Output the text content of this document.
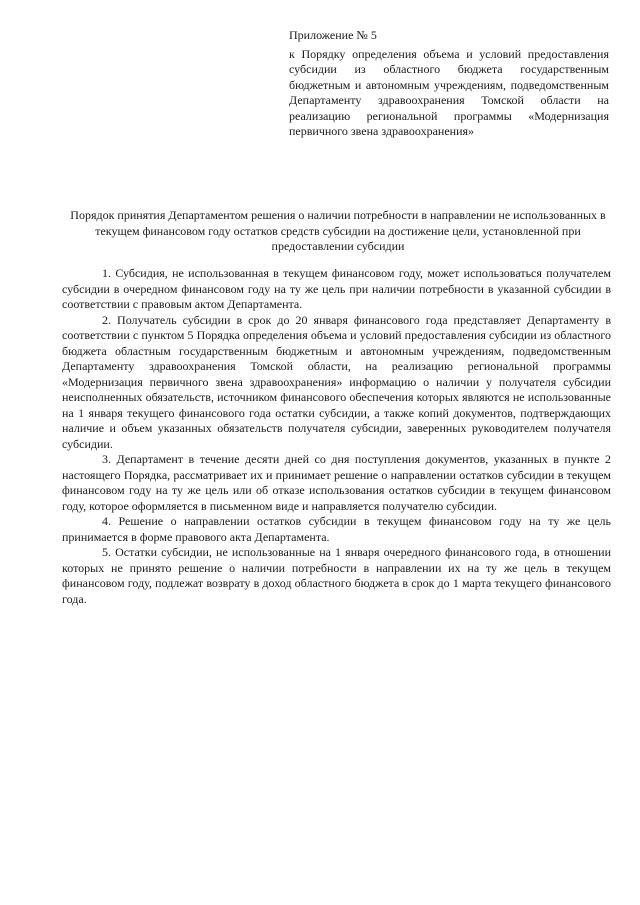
Приложение № 5

к Порядку определения объема и условий предоставления субсидии из областного бюджета государственным бюджетным и автономным учреждениям, подведомственным Департаменту здравоохранения Томской области на реализацию региональной программы «Модернизация первичного звена здравоохранения»

Порядок принятия Департаментом решения о наличии потребности в направлении не использованных в текущем финансовом году остатков средств субсидии на достижение цели, установленной при предоставлении субсидии

1. Субсидия, не использованная в текущем финансовом году, может использоваться получателем субсидии в очередном финансовом году на ту же цель при наличии потребности в указанной субсидии в соответствии с правовым актом Департамента.

2. Получатель субсидии в срок до 20 января финансового года представляет Департаменту в соответствии с пунктом 5 Порядка определения объема и условий предоставления субсидии из областного бюджета областным государственным бюджетным и автономным учреждениям, подведомственным Департаменту здравоохранения Томской области, на реализацию региональной программы «Модернизация первичного звена здравоохранения» информацию о наличии у получателя субсидии неисполненных обязательств, источником финансового обеспечения которых являются не использованные на 1 января текущего финансового года остатки субсидии, а также копий документов, подтверждающих наличие и объем указанных обязательств получателя субсидии, заверенных руководителем получателя субсидии.

3. Департамент в течение десяти дней со дня поступления документов, указанных в пункте 2 настоящего Порядка, рассматривает их и принимает решение о направлении остатков субсидии в текущем финансовом году на ту же цель или об отказе использования остатков субсидии в текущем финансовом году, которое оформляется в письменном виде и направляется получателю субсидии.

4. Решение о направлении остатков субсидии в текущем финансовом году на ту же цель принимается в форме правового акта Департамента.

5. Остатки субсидии, не использованные на 1 января очередного финансового года, в отношении которых не принято решение о наличии потребности в направлении их на ту же цель в текущем финансовом году, подлежат возврату в доход областного бюджета в срок до 1 марта текущего финансового года.
